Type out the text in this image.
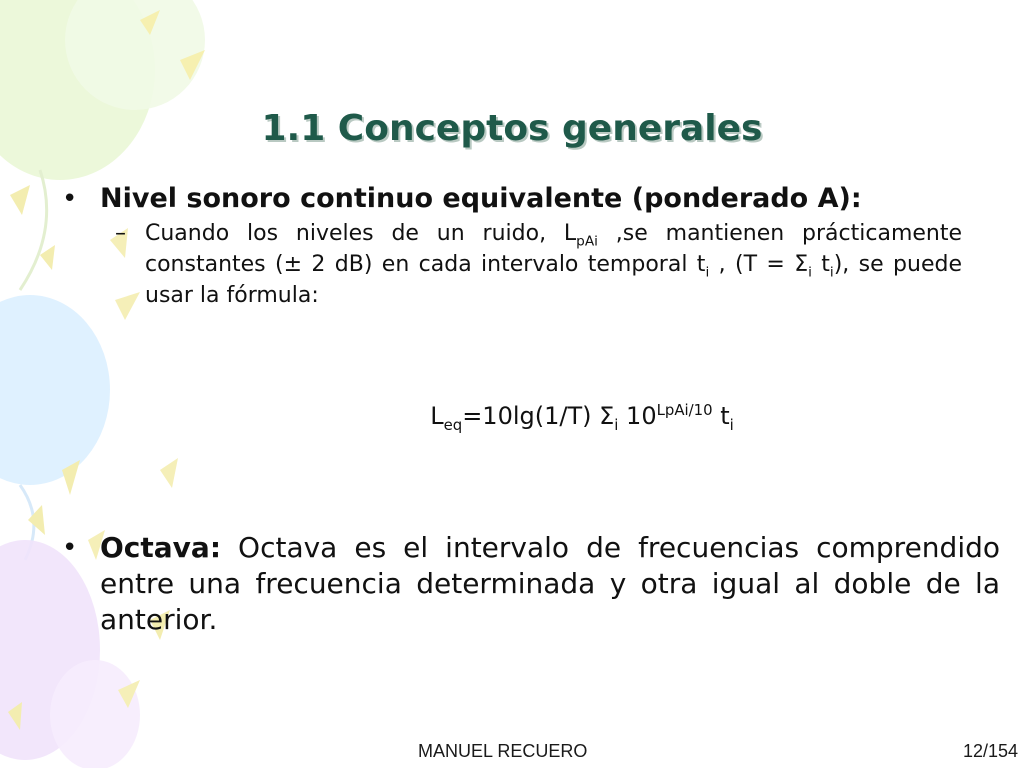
1.1 Conceptos generales
• Nivel sonoro continuo equivalente (ponderado A):
– Cuando los niveles de un ruido, $L_{pAi}$ ,se mantienen prácticamente constantes (± 2 dB) en cada intervalo temporal $t_i$ , ($T = \Sigma_i$ $t_i$), se puede usar la fórmula:
$L_{eq}=10\lg(1/T)$ $\Sigma_i$ $10^{LpAi/10}$ $t_i$
• Octava: Octava es el intervalo de frecuencias comprendido entre una frecuencia determinada y otra igual al doble de la anterior.
MANUEL RECUERO	12/154
